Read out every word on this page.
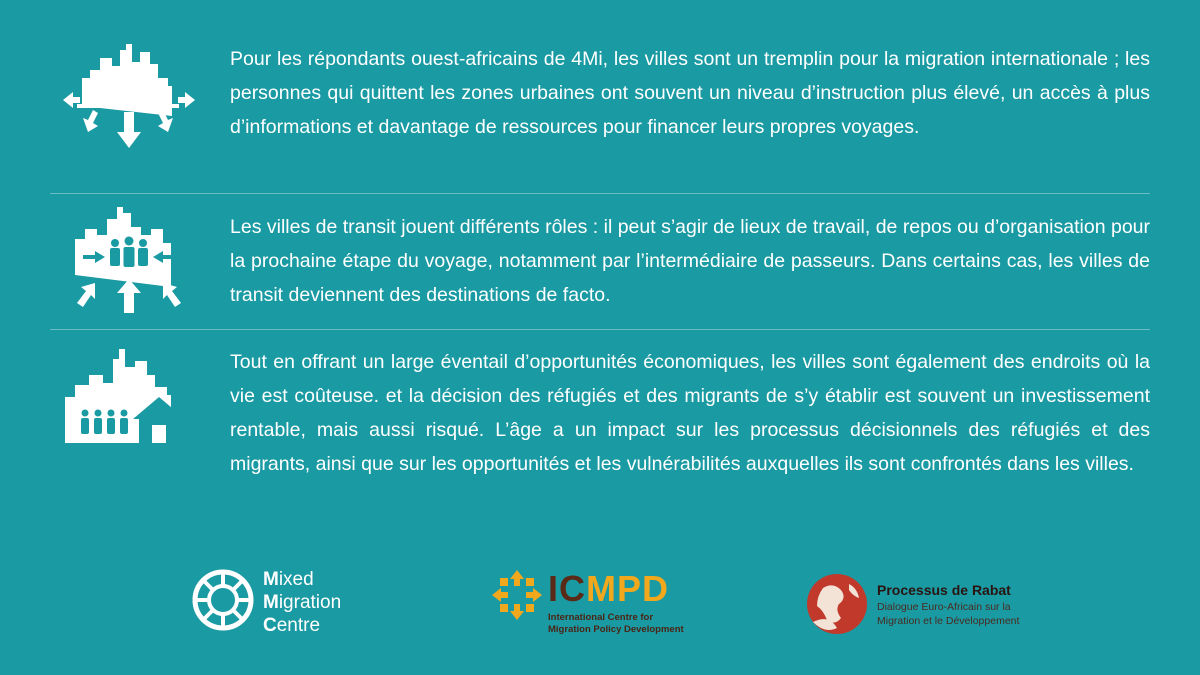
Pour les répondants ouest-africains de 4Mi, les villes sont un tremplin pour la migration internationale ; les personnes qui quittent les zones urbaines ont souvent un niveau d’instruction plus élevé, un accès à plus d’informations et davantage de ressources pour financer leurs propres voyages.

Les villes de transit jouent différents rôles : il peut s’agir de lieux de travail, de repos ou d’organisation pour la prochaine étape du voyage, notamment par l’intermédiaire de passeurs. Dans certains cas, les villes de transit deviennent des destinations de facto.

Tout en offrant un large éventail d’opportunités économiques, les villes sont également des endroits où la vie est coûteuse. et la décision des réfugiés et des migrants de s’y établir est souvent un investissement rentable, mais aussi risqué. L’âge a un impact sur les processus décisionnels des réfugiés et des migrants, ainsi que sur les opportunités et les vulnérabilités auxquelles ils sont confrontés dans les villes.

Mixed
Migration
Centre
ICMPD
International Centre for
Migration Policy Development
Processus de Rabat
Dialogue Euro-Africain sur la
Migration et le Développement
